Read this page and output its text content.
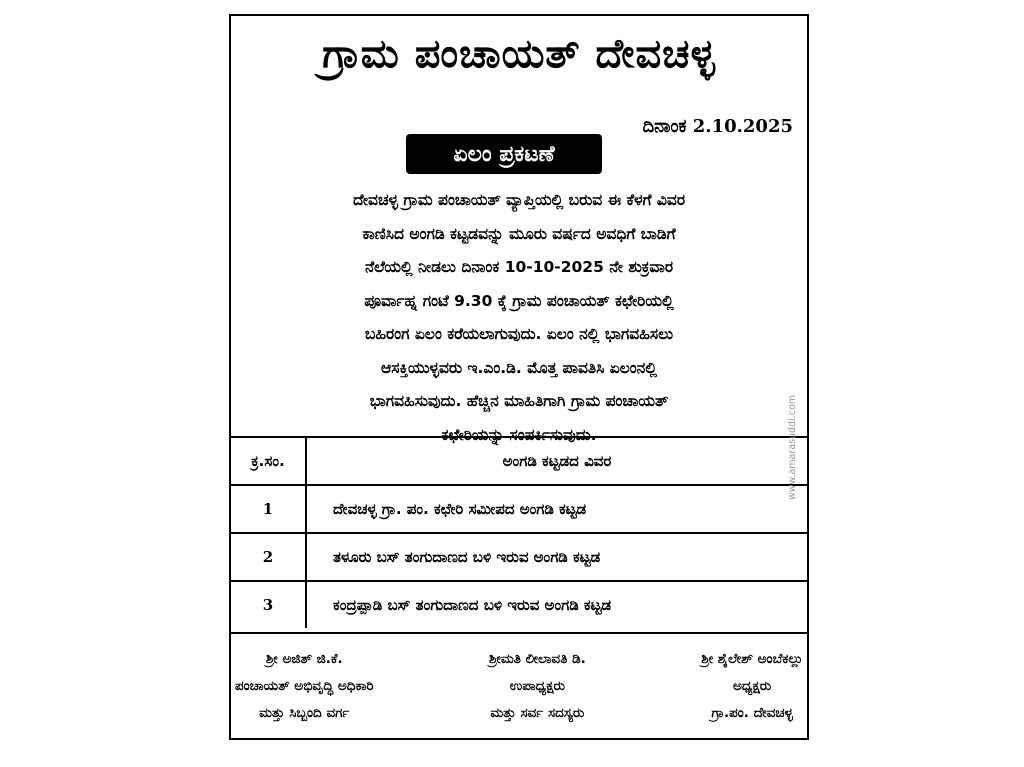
ಗ್ರಾಮ ಪಂಚಾಯತ್ ದೇವಚಳ್ಳ
ದಿನಾಂಕ 2.10.2025
ಏಲಂ ಪ್ರಕಟಣೆ
ದೇವಚಳ್ಳ ಗ್ರಾಮ ಪಂಚಾಯತ್ ವ್ಯಾಪ್ತಿಯಲ್ಲಿ ಬರುವ ಈ ಕೆಳಗೆ ವಿವರ
ಕಾಣಿಸಿದ ಅಂಗಡಿ ಕಟ್ಟಡವನ್ನು ಮೂರು ವರ್ಷದ ಅವಧಿಗೆ ಬಾಡಿಗೆ
ನೆಲೆಯಲ್ಲಿ ನೀಡಲು ದಿನಾಂಕ 10-10-2025 ನೇ ಶುಕ್ರವಾರ
ಪೂರ್ವಾಹ್ನ ಗಂಟೆ 9.30 ಕ್ಕೆ ಗ್ರಾಮ ಪಂಚಾಯತ್ ಕಛೇರಿಯಲ್ಲಿ
ಬಹಿರಂಗ ಏಲಂ ಕರೆಯಲಾಗುವುದು. ಏಲಂ ನಲ್ಲಿ ಭಾಗವಹಿಸಲು
ಆಸಕ್ತಿಯುಳ್ಳವರು ಇ.ಎಂ.ಡಿ. ಮೊತ್ತ ಪಾವತಿಸಿ ಏಲಂನಲ್ಲಿ
ಭಾಗವಹಿಸುವುದು. ಹೆಚ್ಚಿನ ಮಾಹಿತಿಗಾಗಿ ಗ್ರಾಮ ಪಂಚಾಯತ್
ಕಛೇರಿಯನ್ನು ಸಂಪರ್ಕಿಸುವುದು.
ಕ್ರ.ಸಂ.	ಅಂಗಡಿ ಕಟ್ಟಡದ ವಿವರ
1	ದೇವಚಳ್ಳ ಗ್ರಾ. ಪಂ. ಕಛೇರಿ ಸಮೀಪದ ಅಂಗಡಿ ಕಟ್ಟಡ
2	ತಳೂರು ಬಸ್ ತಂಗುದಾಣದ ಬಳಿ ಇರುವ ಅಂಗಡಿ ಕಟ್ಟಡ
3	ಕಂದ್ರಪ್ಪಾಡಿ ಬಸ್ ತಂಗುದಾಣದ ಬಳಿ ಇರುವ ಅಂಗಡಿ ಕಟ್ಟಡ
ಶ್ರೀ ಅಜಿತ್ ಜಿ.ಕೆ.
ಪಂಚಾಯತ್ ಅಭಿವೃದ್ಧಿ ಅಧಿಕಾರಿ
ಮತ್ತು ಸಿಬ್ಬಂದಿ ವರ್ಗ
ಶ್ರೀಮತಿ ಲೀಲಾವತಿ ಡಿ.
ಉಪಾಧ್ಯಕ್ಷರು
ಮತ್ತು ಸರ್ವ ಸದಸ್ಯರು
ಶ್ರೀ ಶೈಲೇಶ್ ಅಂಬೆಕಲ್ಲು
ಅಧ್ಯಕ್ಷರು
ಗ್ರಾ.ಪಂ. ದೇವಚಳ್ಳ
